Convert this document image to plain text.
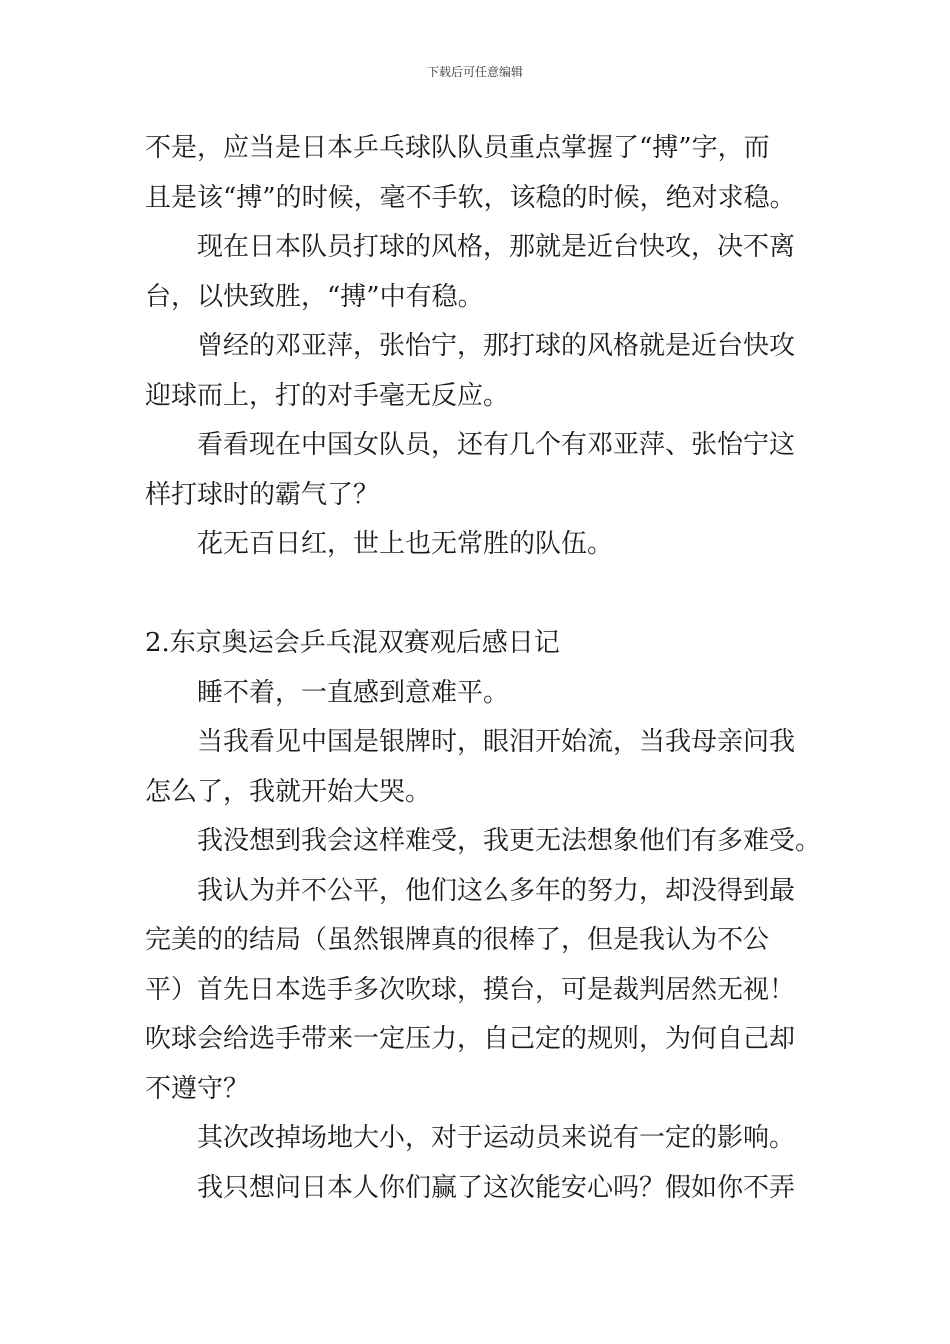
下载后可任意编辑
不是，应当是日本乒乓球队队员重点掌握了“搏”字，而
且是该“搏”的时候，毫不手软，该稳的时候，绝对求稳。
现在日本队员打球的风格，那就是近台快攻，决不离
台，以快致胜，“搏”中有稳。
曾经的邓亚萍，张怡宁，那打球的风格就是近台快攻
迎球而上，打的对手毫无反应。
看看现在中国女队员，还有几个有邓亚萍、张怡宁这
样打球时的霸气了？
花无百日红，世上也无常胜的队伍。
2.东京奥运会乒乓混双赛观后感日记
睡不着，一直感到意难平。
当我看见中国是银牌时，眼泪开始流，当我母亲问我
怎么了，我就开始大哭。
我没想到我会这样难受，我更无法想象他们有多难受。
我认为并不公平，他们这么多年的努力，却没得到最
完美的的结局（虽然银牌真的很棒了，但是我认为不公
平）首先日本选手多次吹球，摸台，可是裁判居然无视！
吹球会给选手带来一定压力，自己定的规则，为何自己却
不遵守？
其次改掉场地大小，对于运动员来说有一定的影响。
我只想问日本人你们赢了这次能安心吗？假如你不弄
